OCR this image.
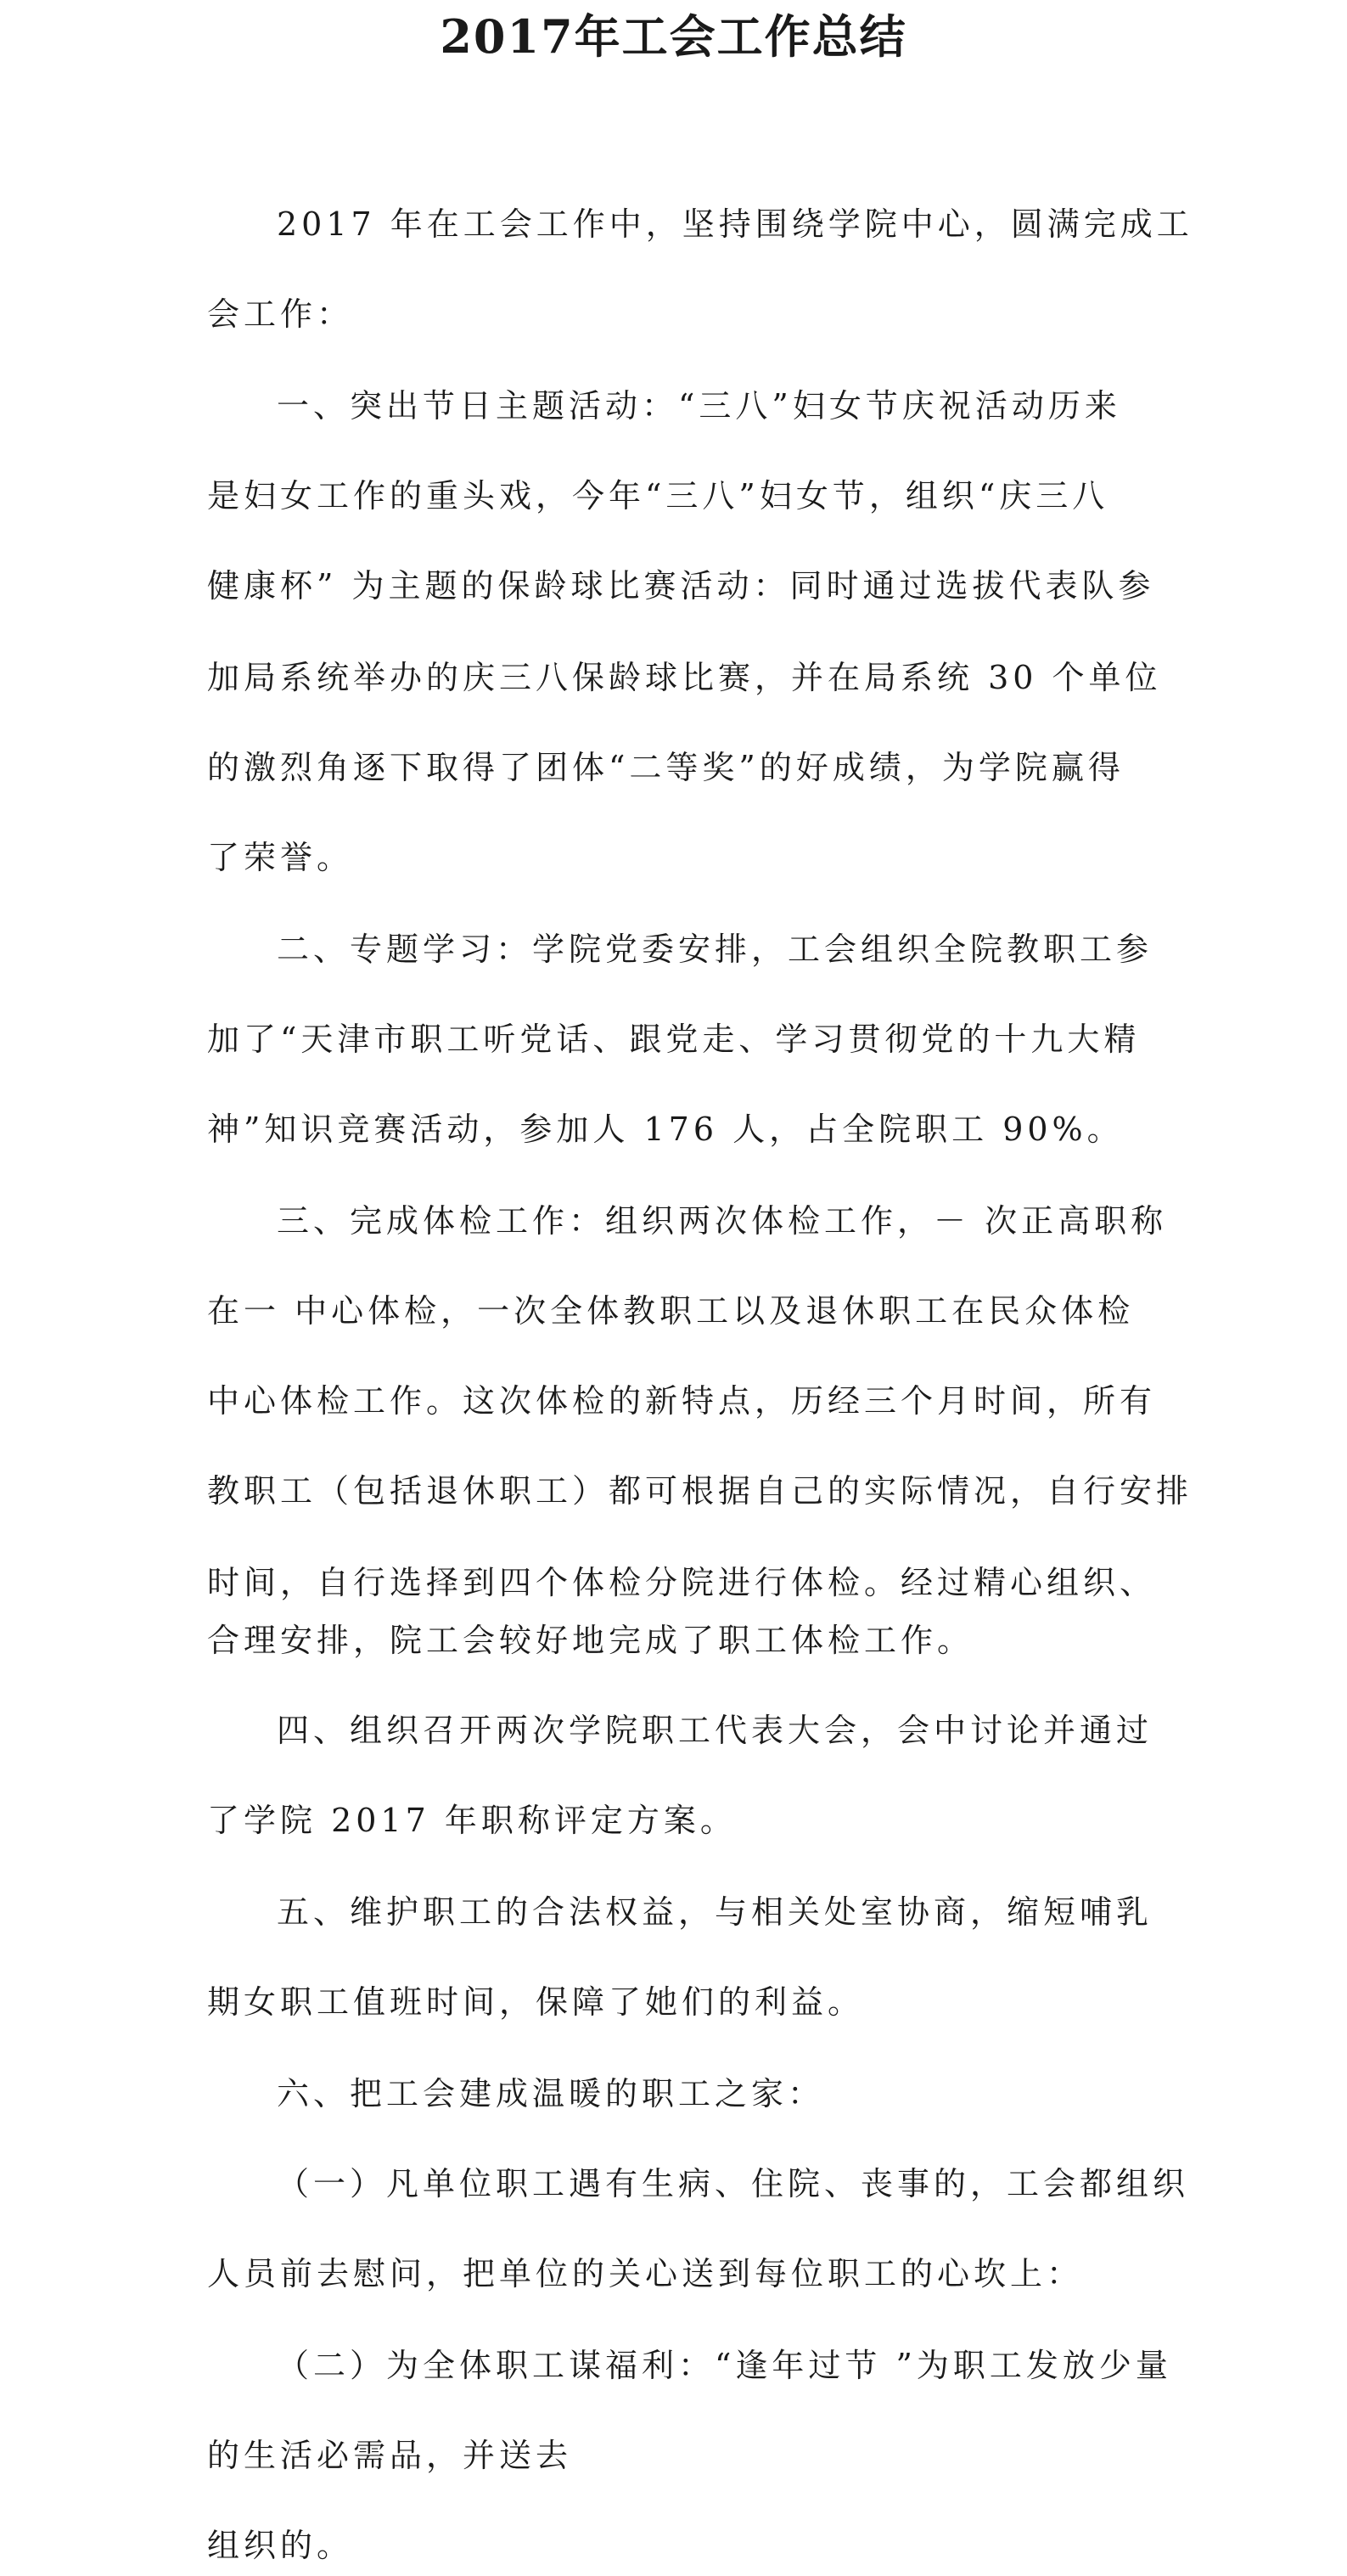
2017年工会工作总结
2017 年在工会工作中，坚持围绕学院中心，圆满完成工
会工作：
一、突出节日主题活动：“三八”妇女节庆祝活动历来
是妇女工作的重头戏，今年“三八”妇女节，组织“庆三八
健康杯” 为主题的保龄球比赛活动：同时通过选拔代表队参
加局系统举办的庆三八保龄球比赛，并在局系统 30 个单位
的激烈角逐下取得了团体“二等奖”的好成绩，为学院赢得
了荣誉。
二、专题学习：学院党委安排，工会组织全院教职工参
加了“天津市职工听党话、跟党走、学习贯彻党的十九大精
神”知识竞赛活动，参加人 176 人，占全院职工 90%。
三、完成体检工作：组织两次体检工作，－ 次正高职称
在一 中心体检，一次全体教职工以及退休职工在民众体检
中心体检工作。这次体检的新特点，历经三个月时间，所有
教职工（包括退休职工）都可根据自己的实际情况，自行安排
时间，自行选择到四个体检分院进行体检。经过精心组织、
合理安排，院工会较好地完成了职工体检工作。
四、组织召开两次学院职工代表大会，会中讨论并通过
了学院 2017 年职称评定方案。
五、维护职工的合法权益，与相关处室协商，缩短哺乳
期女职工值班时间，保障了她们的利益。
六、把工会建成温暖的职工之家：
（一）凡单位职工遇有生病、住院、丧事的，工会都组织
人员前去慰问，把单位的关心送到每位职工的心坎上：
（二）为全体职工谋福利：“逢年过节 ”为职工发放少量
的生活必需品，并送去
组织的。
